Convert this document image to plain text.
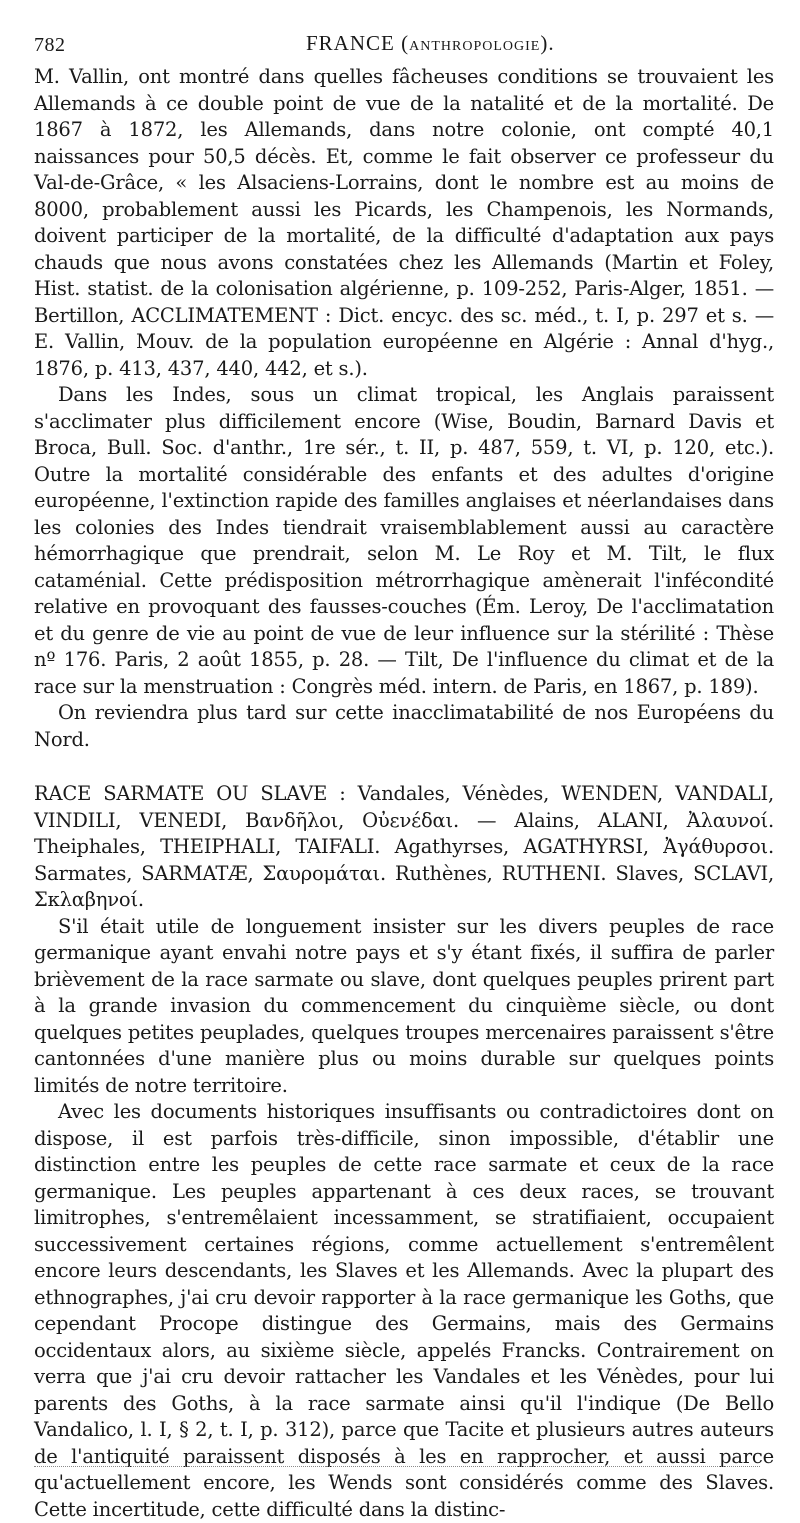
782	FRANCE (ANTHROPOLOGIE).

M. Vallin, ont montré dans quelles fâcheuses conditions se trouvaient les Allemands à ce double point de vue de la natalité et de la mortalité. De 1867 à 1872, les Allemands, dans notre colonie, ont compté 40,1 naissances pour 50,5 décès. Et, comme le fait observer ce professeur du Val-de-Grâce, « les Alsaciens-Lorrains, dont le nombre est au moins de 8000, probablement aussi les Picards, les Champenois, les Normands, doivent participer de la mortalité, de la difficulté d'adaptation aux pays chauds que nous avons constatées chez les Allemands (Martin et Foley, Hist. statist. de la colonisation algérienne, p. 109-252, Paris-Alger, 1851. — Bertillon, ACCLIMATEMENT : Dict. encyc. des sc. méd., t. I, p. 297 et s. — E. Vallin, Mouv. de la population européenne en Algérie : Annal d'hyg., 1876, p. 413, 437, 440, 442, et s.).

Dans les Indes, sous un climat tropical, les Anglais paraissent s'acclimater plus difficilement encore (Wise, Boudin, Barnard Davis et Broca, Bull. Soc. d'anthr., 1re sér., t. II, p. 487, 559, t. VI, p. 120, etc.). Outre la mortalité considérable des enfants et des adultes d'origine européenne, l'extinction rapide des familles anglaises et néerlandaises dans les colonies des Indes tiendrait vraisemblablement aussi au caractère hémorrhagique que prendrait, selon M. Le Roy et M. Tilt, le flux cataménial. Cette prédisposition métrorrhagique amènerait l'infécondité relative en provoquant des fausses-couches (Ém. Leroy, De l'acclimatation et du genre de vie au point de vue de leur influence sur la stérilité : Thèse nº 176. Paris, 2 août 1855, p. 28. — Tilt, De l'influence du climat et de la race sur la menstruation : Congrès méd. intern. de Paris, en 1867, p. 189).

On reviendra plus tard sur cette inacclimatabilité de nos Européens du Nord.

RACE SARMATE OU SLAVE : Vandales, Vénèdes, WENDEN, VANDALI, VINDILI, VENEDI, Βανδῆλοι, Οὐενέδαι. — Alains, ALANI, Ἀλαυνοί. Theiphales, THEIPHALI, TAIFALI. Agathyrses, AGATHYRSI, Ἀγάθυρσοι. Sarmates, SARMATÆ, Σαυρομάται. Ruthènes, RUTHENI. Slaves, SCLAVI, Σκλαβηνοί.

S'il était utile de longuement insister sur les divers peuples de race germanique ayant envahi notre pays et s'y étant fixés, il suffira de parler brièvement de la race sarmate ou slave, dont quelques peuples prirent part à la grande invasion du commencement du cinquième siècle, ou dont quelques petites peuplades, quelques troupes mercenaires paraissent s'être cantonnées d'une manière plus ou moins durable sur quelques points limités de notre territoire.

Avec les documents historiques insuffisants ou contradictoires dont on dispose, il est parfois très-difficile, sinon impossible, d'établir une distinction entre les peuples de cette race sarmate et ceux de la race germanique. Les peuples appartenant à ces deux races, se trouvant limitrophes, s'entremêlaient incessamment, se stratifiaient, occupaient successivement certaines régions, comme actuellement s'entremêlent encore leurs descendants, les Slaves et les Allemands. Avec la plupart des ethnographes, j'ai cru devoir rapporter à la race germanique les Goths, que cependant Procope distingue des Germains, mais des Germains occidentaux alors, au sixième siècle, appelés Francks. Contrairement on verra que j'ai cru devoir rattacher les Vandales et les Vénèdes, pour lui parents des Goths, à la race sarmate ainsi qu'il l'indique (De Bello Vandalico, l. I, § 2, t. I, p. 312), parce que Tacite et plusieurs autres auteurs de l'antiquité paraissent disposés à les en rapprocher, et aussi parce qu'actuellement encore, les Wends sont considérés comme des Slaves. Cette incertitude, cette difficulté dans la distinc-
